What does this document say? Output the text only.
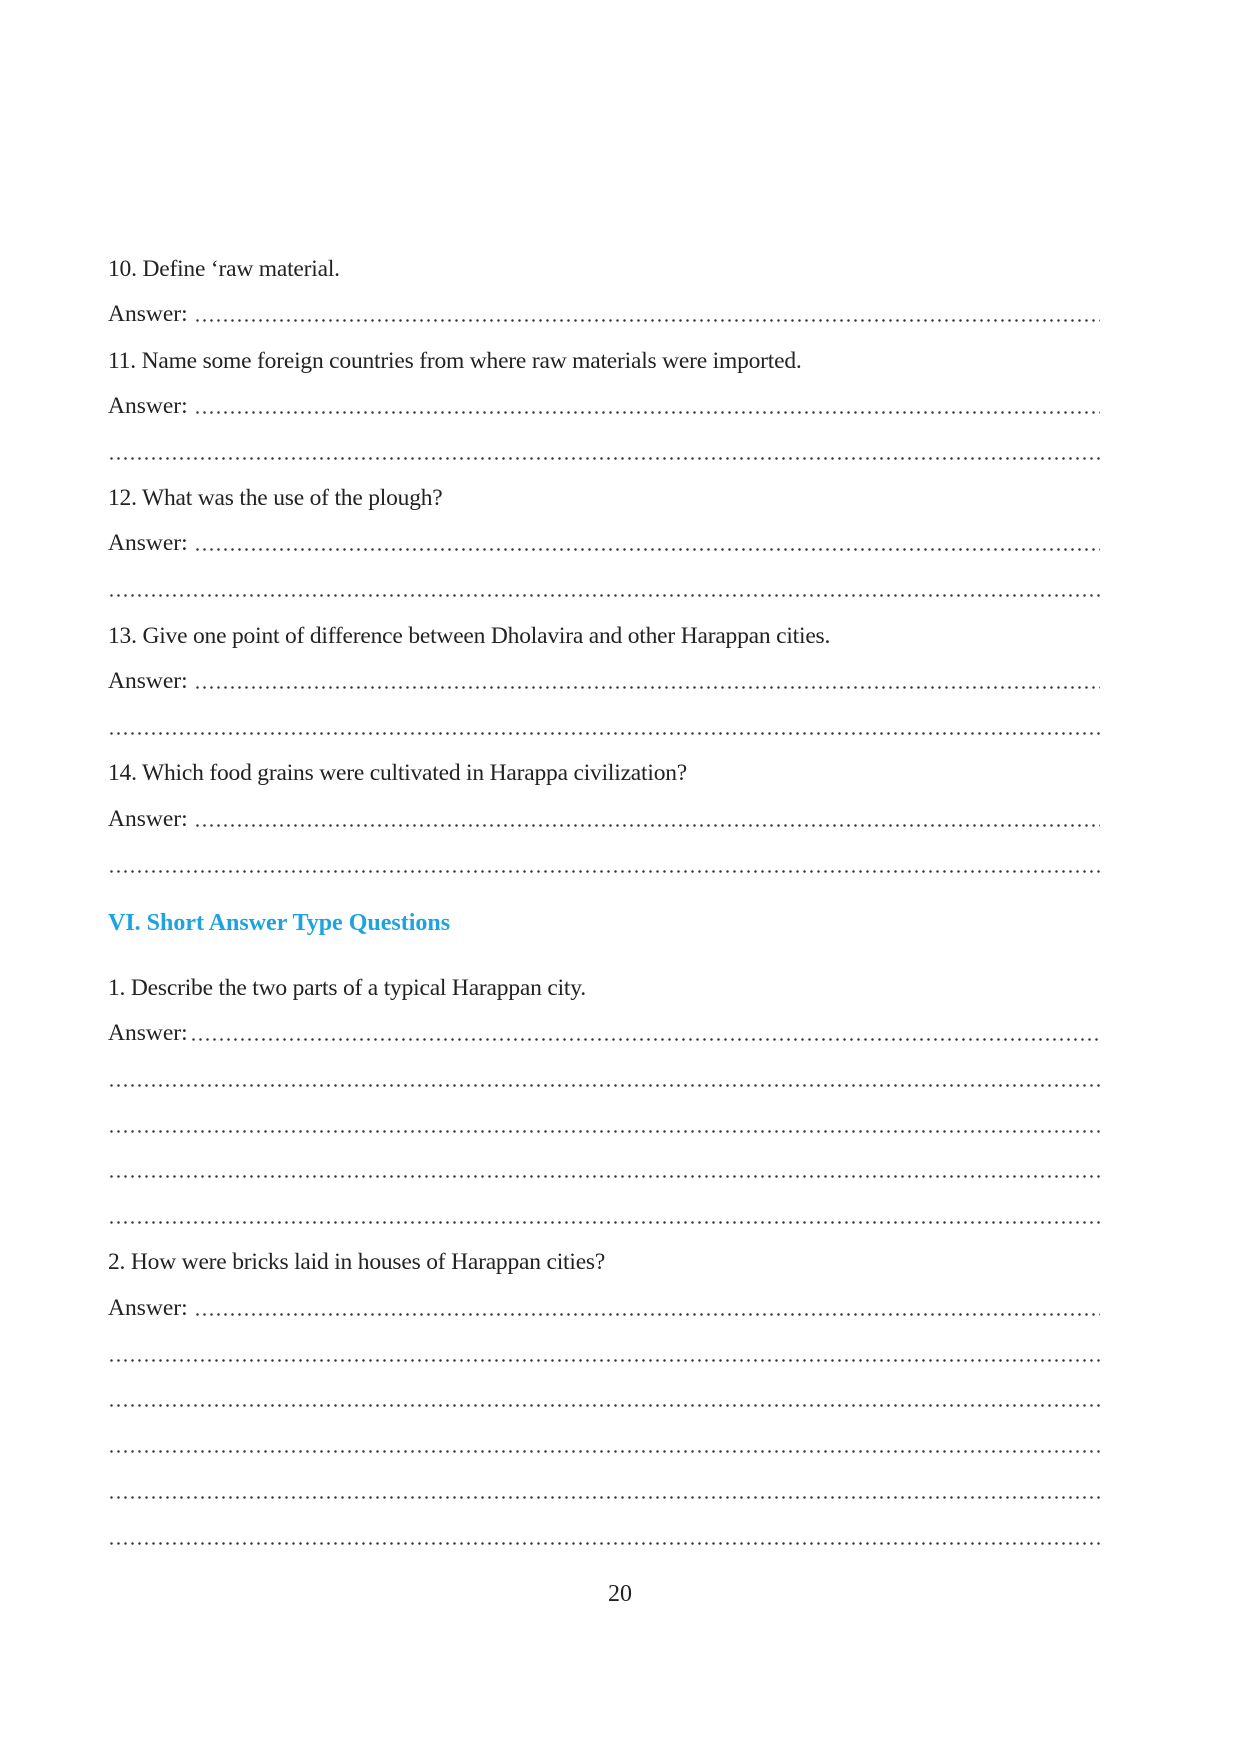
10. Define ‘raw material.
Answer:
11. Name some foreign countries from where raw materials were imported.
Answer:
12. What was the use of the plough?
Answer:
13. Give one point of difference between Dholavira and other Harappan cities.
Answer:
14. Which food grains were cultivated in Harappa civilization?
Answer:
VI. Short Answer Type Questions
1. Describe the two parts of a typical Harappan city.
Answer:
2. How were bricks laid in houses of Harappan cities?
Answer:
20
